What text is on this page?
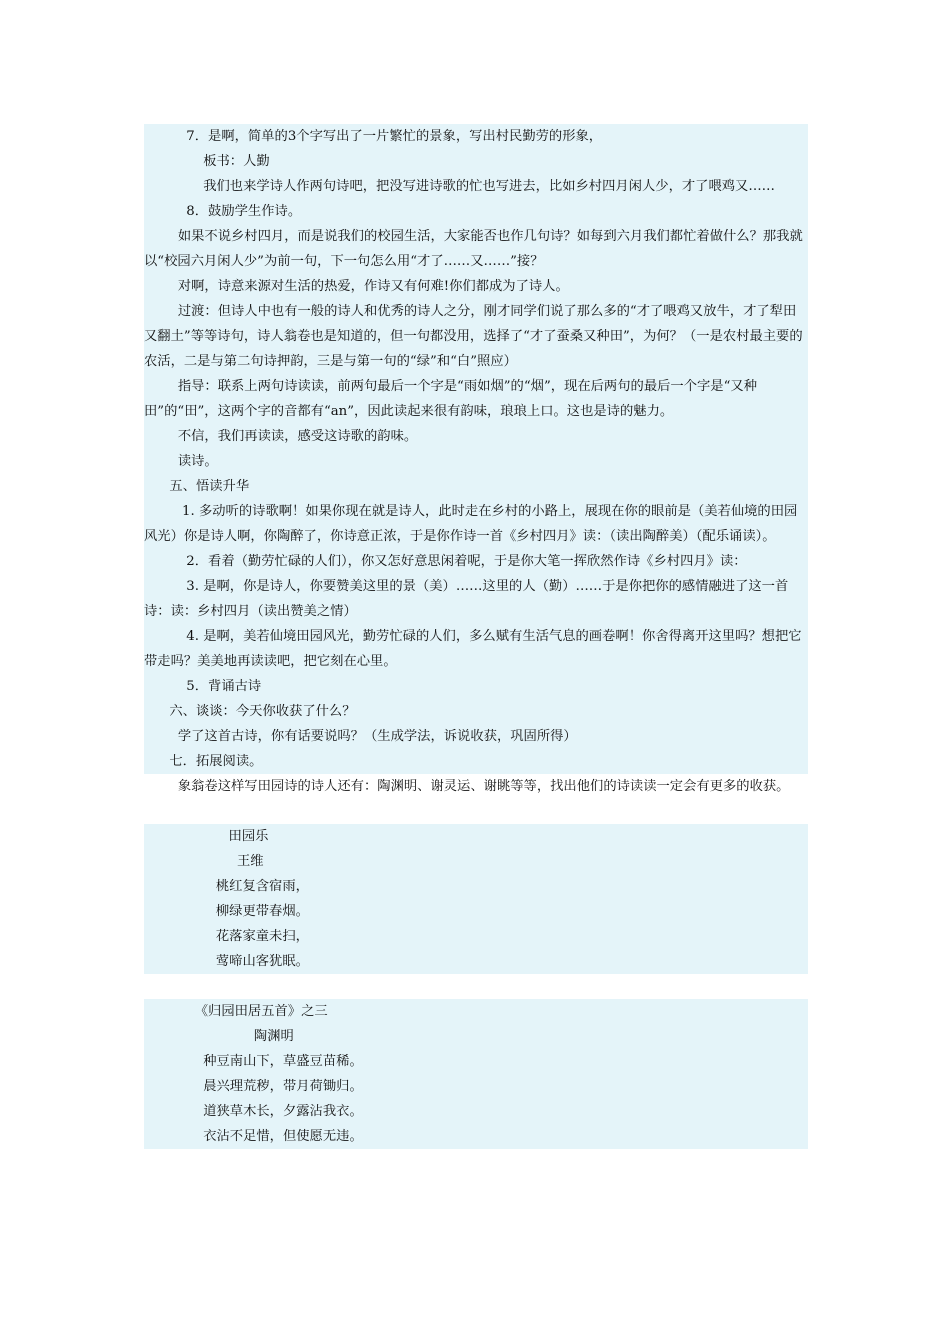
7．是啊，简单的3个字写出了一片繁忙的景象，写出村民勤劳的形象，
板书：人勤
我们也来学诗人作两句诗吧，把没写进诗歌的忙也写进去，比如乡村四月闲人少，才了喂鸡又……
8．鼓励学生作诗。
如果不说乡村四月，而是说我们的校园生活，大家能否也作几句诗？如每到六月我们都忙着做什么？那我就以“校园六月闲人少”为前一句，下一句怎么用“才了……又……”接？
对啊，诗意来源对生活的热爱，作诗又有何难!你们都成为了诗人。
过渡：但诗人中也有一般的诗人和优秀的诗人之分，刚才同学们说了那么多的“才了喂鸡又放牛，才了犁田又翻土”等等诗句，诗人翁卷也是知道的，但一句都没用，选择了“才了蚕桑又种田”，为何？（一是农村最主要的农活，二是与第二句诗押韵，三是与第一句的“绿”和“白”照应）
指导：联系上两句诗读读，前两句最后一个字是“雨如烟”的“烟”，现在后两句的最后一个字是“又种田”的“田”，这两个字的音都有“an”，因此读起来很有韵味，琅琅上口。这也是诗的魅力。
不信，我们再读读，感受这诗歌的韵味。
读诗。
五、悟读升华
1. 多动听的诗歌啊！如果你现在就是诗人，此时走在乡村的小路上，展现在你的眼前是（美若仙境的田园风光）你是诗人啊，你陶醉了，你诗意正浓，于是你作诗一首《乡村四月》读：（读出陶醉美）（配乐诵读）。
2．看着（勤劳忙碌的人们），你又怎好意思闲着呢，于是你大笔一挥欣然作诗《乡村四月》读：
3. 是啊，你是诗人，你要赞美这里的景（美）……这里的人（勤）……于是你把你的感情融进了这一首诗：读：乡村四月（读出赞美之情）
4. 是啊，美若仙境田园风光，勤劳忙碌的人们，多么赋有生活气息的画卷啊！你舍得离开这里吗？想把它带走吗？美美地再读读吧，把它刻在心里。
5．背诵古诗
六、谈谈：今天你收获了什么？
学了这首古诗，你有话要说吗？（生成学法，诉说收获，巩固所得）
七．拓展阅读。
象翁卷这样写田园诗的诗人还有：陶渊明、谢灵运、谢眺等等，找出他们的诗读读一定会有更多的收获。
田园乐
王维
桃红复含宿雨，
柳绿更带春烟。
花落家童未扫，
莺啼山客犹眠。
《归园田居五首》之三
陶渊明
种豆南山下，草盛豆苗稀。
晨兴理荒秽，带月荷锄归。
道狭草木长，夕露沾我衣。
衣沾不足惜，但使愿无违。
